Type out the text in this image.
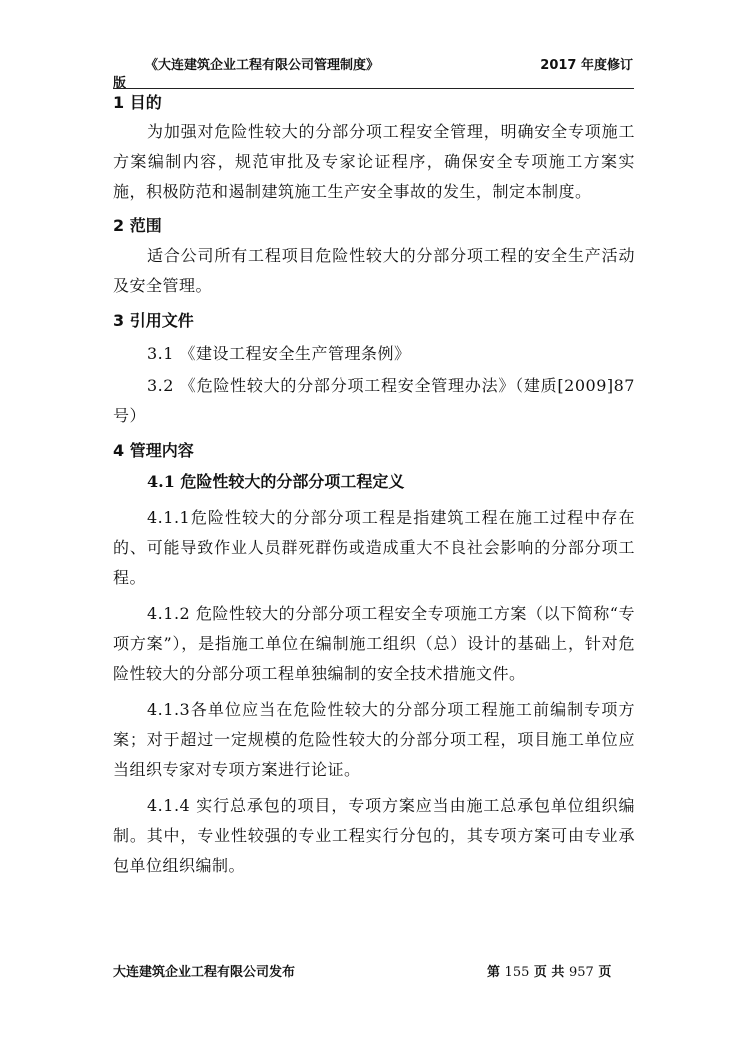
《大连建筑企业工程有限公司管理制度》	2017 年度修订
版
1 目的

为加强对危险性较大的分部分项工程安全管理，明确安全专项施工方案编制内容，规范审批及专家论证程序，确保安全专项施工方案实施，积极防范和遏制建筑施工生产安全事故的发生，制定本制度。

2 范围

适合公司所有工程项目危险性较大的分部分项工程的安全生产活动及安全管理。

3 引用文件

3.1 《建设工程安全生产管理条例》

3.2 《危险性较大的分部分项工程安全管理办法》（建质[2009]87 号）

4 管理内容
4.1 危险性较大的分部分项工程定义

4.1.1危险性较大的分部分项工程是指建筑工程在施工过程中存在的、可能导致作业人员群死群伤或造成重大不良社会影响的分部分项工程。

4.1.2 危险性较大的分部分项工程安全专项施工方案（以下简称“专项方案”），是指施工单位在编制施工组织（总）设计的基础上，针对危险性较大的分部分项工程单独编制的安全技术措施文件。

4.1.3各单位应当在危险性较大的分部分项工程施工前编制专项方案；对于超过一定规模的危险性较大的分部分项工程，项目施工单位应当组织专家对专项方案进行论证。

4.1.4 实行总承包的项目，专项方案应当由施工总承包单位组织编制。其中，专业性较强的专业工程实行分包的，其专项方案可由专业承包单位组织编制。

大连建筑企业工程有限公司发布	第 155 页 共 957 页
